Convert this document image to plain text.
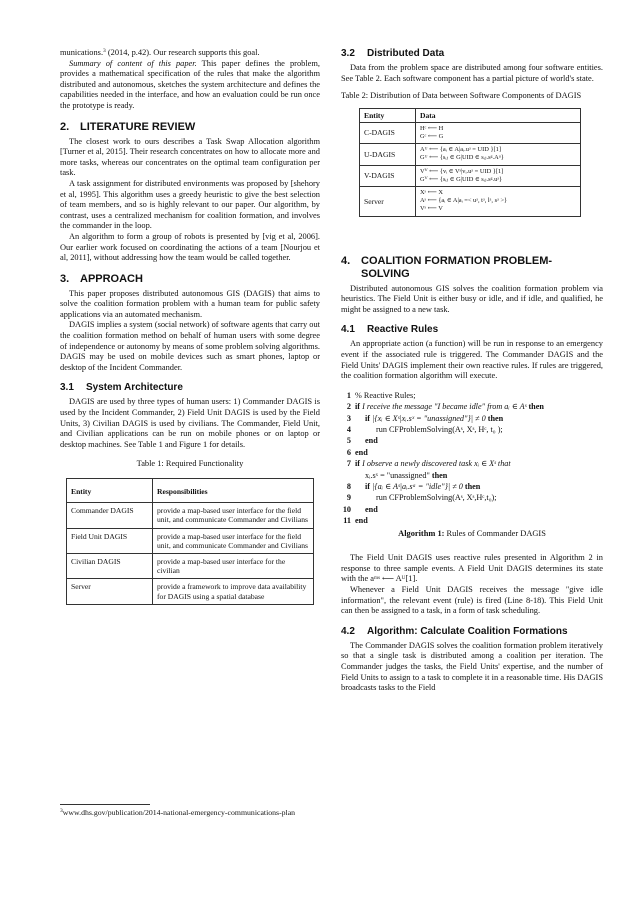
munications.$^3$ (2014, p.42). Our research supports this goal.

Summary of content of this paper. This paper defines the problem, provides a mathematical specification of the rules that make the algorithm distributed and autonomous, sketches the system architecture and defines the capabilities needed in the interface, and how an evaluation could be run once the prototype is ready.

2. LITERATURE REVIEW

The closest work to ours describes a Task Swap Allocation algorithm [Turner et al, 2015]. Their research concentrates on how to allocate more and more tasks, whereas our concentrates on the optimal team configuration per task.

A task assignment for distributed environments was proposed by [shehory et al, 1995]. This algorithm uses a greedy heuristic to give the best selection of team members, and so is highly relevant to our paper. Our algorithm, by contrast, uses a centralized mechanism for coalition formation, and involves the commander in the loop.

An algorithm to form a group of robots is presented by [vig et al, 2006]. Our earlier work focused on coordinating the actions of a team [Nourjou et al, 2011], without addressing how the team would be called together.

3. APPROACH

This paper proposes distributed autonomous GIS (DAGIS) that aims to solve the coalition formation problem with a human team for public safety applications via an automated mechanism.

DAGIS implies a system (social network) of software agents that carry out the coalition formation method on behalf of human users with some degree of independence or autonomy by means of some problem solving algorithms. DAGIS may be used on mobile devices such as smart phones, laptop or desktop of the Incident Commander.

3.1 System Architecture

DAGIS are used by three types of human users: 1) Commander DAGIS is used by the Incident Commander, 2) Field Unit DAGIS is used by the Field Units, 3) Civilian DAGIS is used by civilians. The Commander, Field Unit, and Civilian applications can be run on mobile phones or on laptop or desktop machines. See Table 1 and Figure 1 for details.

Table 1: Required Functionality
Entity	Responsibilities
Commander DAGIS	provide a map-based user interface for the field unit, and communicate Commander and Civilians
Field Unit DAGIS	provide a map-based user interface for the field unit, and communicate Commander and Civilians
Civilian DAGIS	provide a map-based user interface for the civilian
Server	provide a framework to improve data availability for DAGIS using a spatial database
$^3$www.dhs.gov/publication/2014-national-emergency-communications-plan
3.2 Distributed Data

Data from the problem space are distributed among four software entities. See Table 2. Each software component has a partial picture of world's state.

Table 2: Distribution of Data between Software Components of DAGIS
Entity	Data
C-DAGIS	Hᶜ ⟵ H
Gᶜ ⟵ G

U-DAGIS	Aᵁ ⟵ {aᵢ ∈ A|aᵢ.uᵃ = UID }[1]
Gᵁ ⟵ {sᵢⱼ ∈ G|UID ∈ sᵢⱼ.sᵍ.Aᵘ}

V-DAGIS	Vⱽ ⟵ {vᵢ ∈ Vˢ|vᵢ.uᵃ = UID }[1]
Gⱽ ⟵ {sᵢⱼ ∈ G|UID ∈ sᵢⱼ.sᵍ.uᵃ}

Server	Xˢ ⟵ X
Aˢ ⟵ {aᵢ ∈ A|aᵢ =< uᵃ, tᵃ, lᵃ, sᵃ >}
Vˢ ⟵ V
4. COALITION FORMATION PROBLEM-
SOLVING

Distributed autonomous GIS solves the coalition formation problem via heuristics. The Field Unit is either busy or idle, and if idle, and qualified, he might be assigned to a new task.

4.1 Reactive Rules

An appropriate action (a function) will be run in response to an emergency event if the associated rule is triggered. The Commander DAGIS and the Field Units' DAGIS implement their own reactive rules. If rules are triggered, the coalition formation algorithm will execute.

1 % Reactive Rules;
2 if I receive the message "I became idle" from aᵢ ∈ Aˢ then
3	if |{xᵢ ∈ Xˢ|xᵢ.sˣ = "unassigned"}| ≠ 0 then
4	run CFProblemSolving(Aˢ, Xˢ, Hᶜ, t₀ );
5	end
6 end
7 if I observe a newly discovered task xᵢ ∈ Xˢ that
xᵢ.sˣ = "unassigned" then
8	if |{aᵢ ∈ Aˢ|aᵢ.sᵃ = "idle"}| ≠ 0 then
9	run CFProblemSolving(Aˢ, Xˢ,Hᶜ,t₀);
10	end
11 end
Algorithm 1: Rules of Commander DAGIS

The Field Unit DAGIS uses reactive rules presented in Algorithm 2 in response to three sample events. A Field Unit DAGIS determines its state with the aᵐˢ ⟵ Aᵁ[1].

Whenever a Field Unit DAGIS receives the message "give idle information", the relevant event (rule) is fired (Line 8-18). This Field Unit can then be assigned to a task, in a form of task scheduling.

4.2 Algorithm: Calculate Coalition Formations

The Commander DAGIS solves the coalition formation problem iteratively so that a single task is distributed among a coalition per iteration. The Commander judges the tasks, the Field Units' expertise, and the number of Field Units to assign to a task to complete it in a reasonable time. His DAGIS broadcasts tasks to the Field
